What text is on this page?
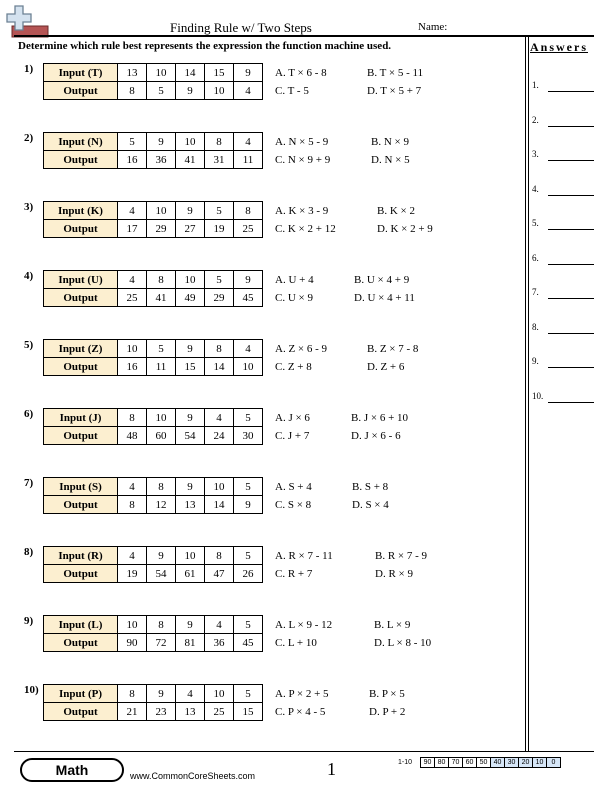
Finding Rule w/ Two Steps	Name:
Determine which rule best represents the expression the function machine used.	Answers
1.
2.
3.
4.
5.
6.
7.
8.
9.
10.
1) Input (T)	13	10	14	15	9
Output	8	5	9	10	4
A. T × 6 - 8	B. T × 5 - 11
C. T - 5	D. T × 5 + 7
2) Input (N)	5	9	10	8	4
Output	16	36	41	31	11
A. N × 5 - 9	B. N × 9
C. N × 9 + 9	D. N × 5
3) Input (K)	4	10	9	5	8
Output	17	29	27	19	25
A. K × 3 - 9	B. K × 2
C. K × 2 + 12	D. K × 2 + 9
4) Input (U)	4	8	10	5	9
Output	25	41	49	29	45
A. U + 4	B. U × 4 + 9
C. U × 9	D. U × 4 + 11
5) Input (Z)	10	5	9	8	4
Output	16	11	15	14	10
A. Z × 6 - 9	B. Z × 7 - 8
C. Z + 8	D. Z + 6
6) Input (J)	8	10	9	4	5
Output	48	60	54	24	30
A. J × 6	B. J × 6 + 10
C. J + 7	D. J × 6 - 6
7) Input (S)	4	8	9	10	5
Output	8	12	13	14	9
A. S + 4	B. S + 8
C. S × 8	D. S × 4
8) Input (R)	4	9	10	8	5
Output	19	54	61	47	26
A. R × 7 - 11	B. R × 7 - 9
C. R + 7	D. R × 9
9) Input (L)	10	8	9	4	5
Output	90	72	81	36	45
A. L × 9 - 12	B. L × 9
C. L + 10	D. L × 8 - 10
10) Input (P)	8	9	4	10	5
Output	21	23	13	25	15
A. P × 2 + 5	B. P × 5
C. P × 4 - 5	D. P + 2
Math	www.CommonCoreSheets.com	1	1-10	90 80 70 60 50 40 30 20 10	0
